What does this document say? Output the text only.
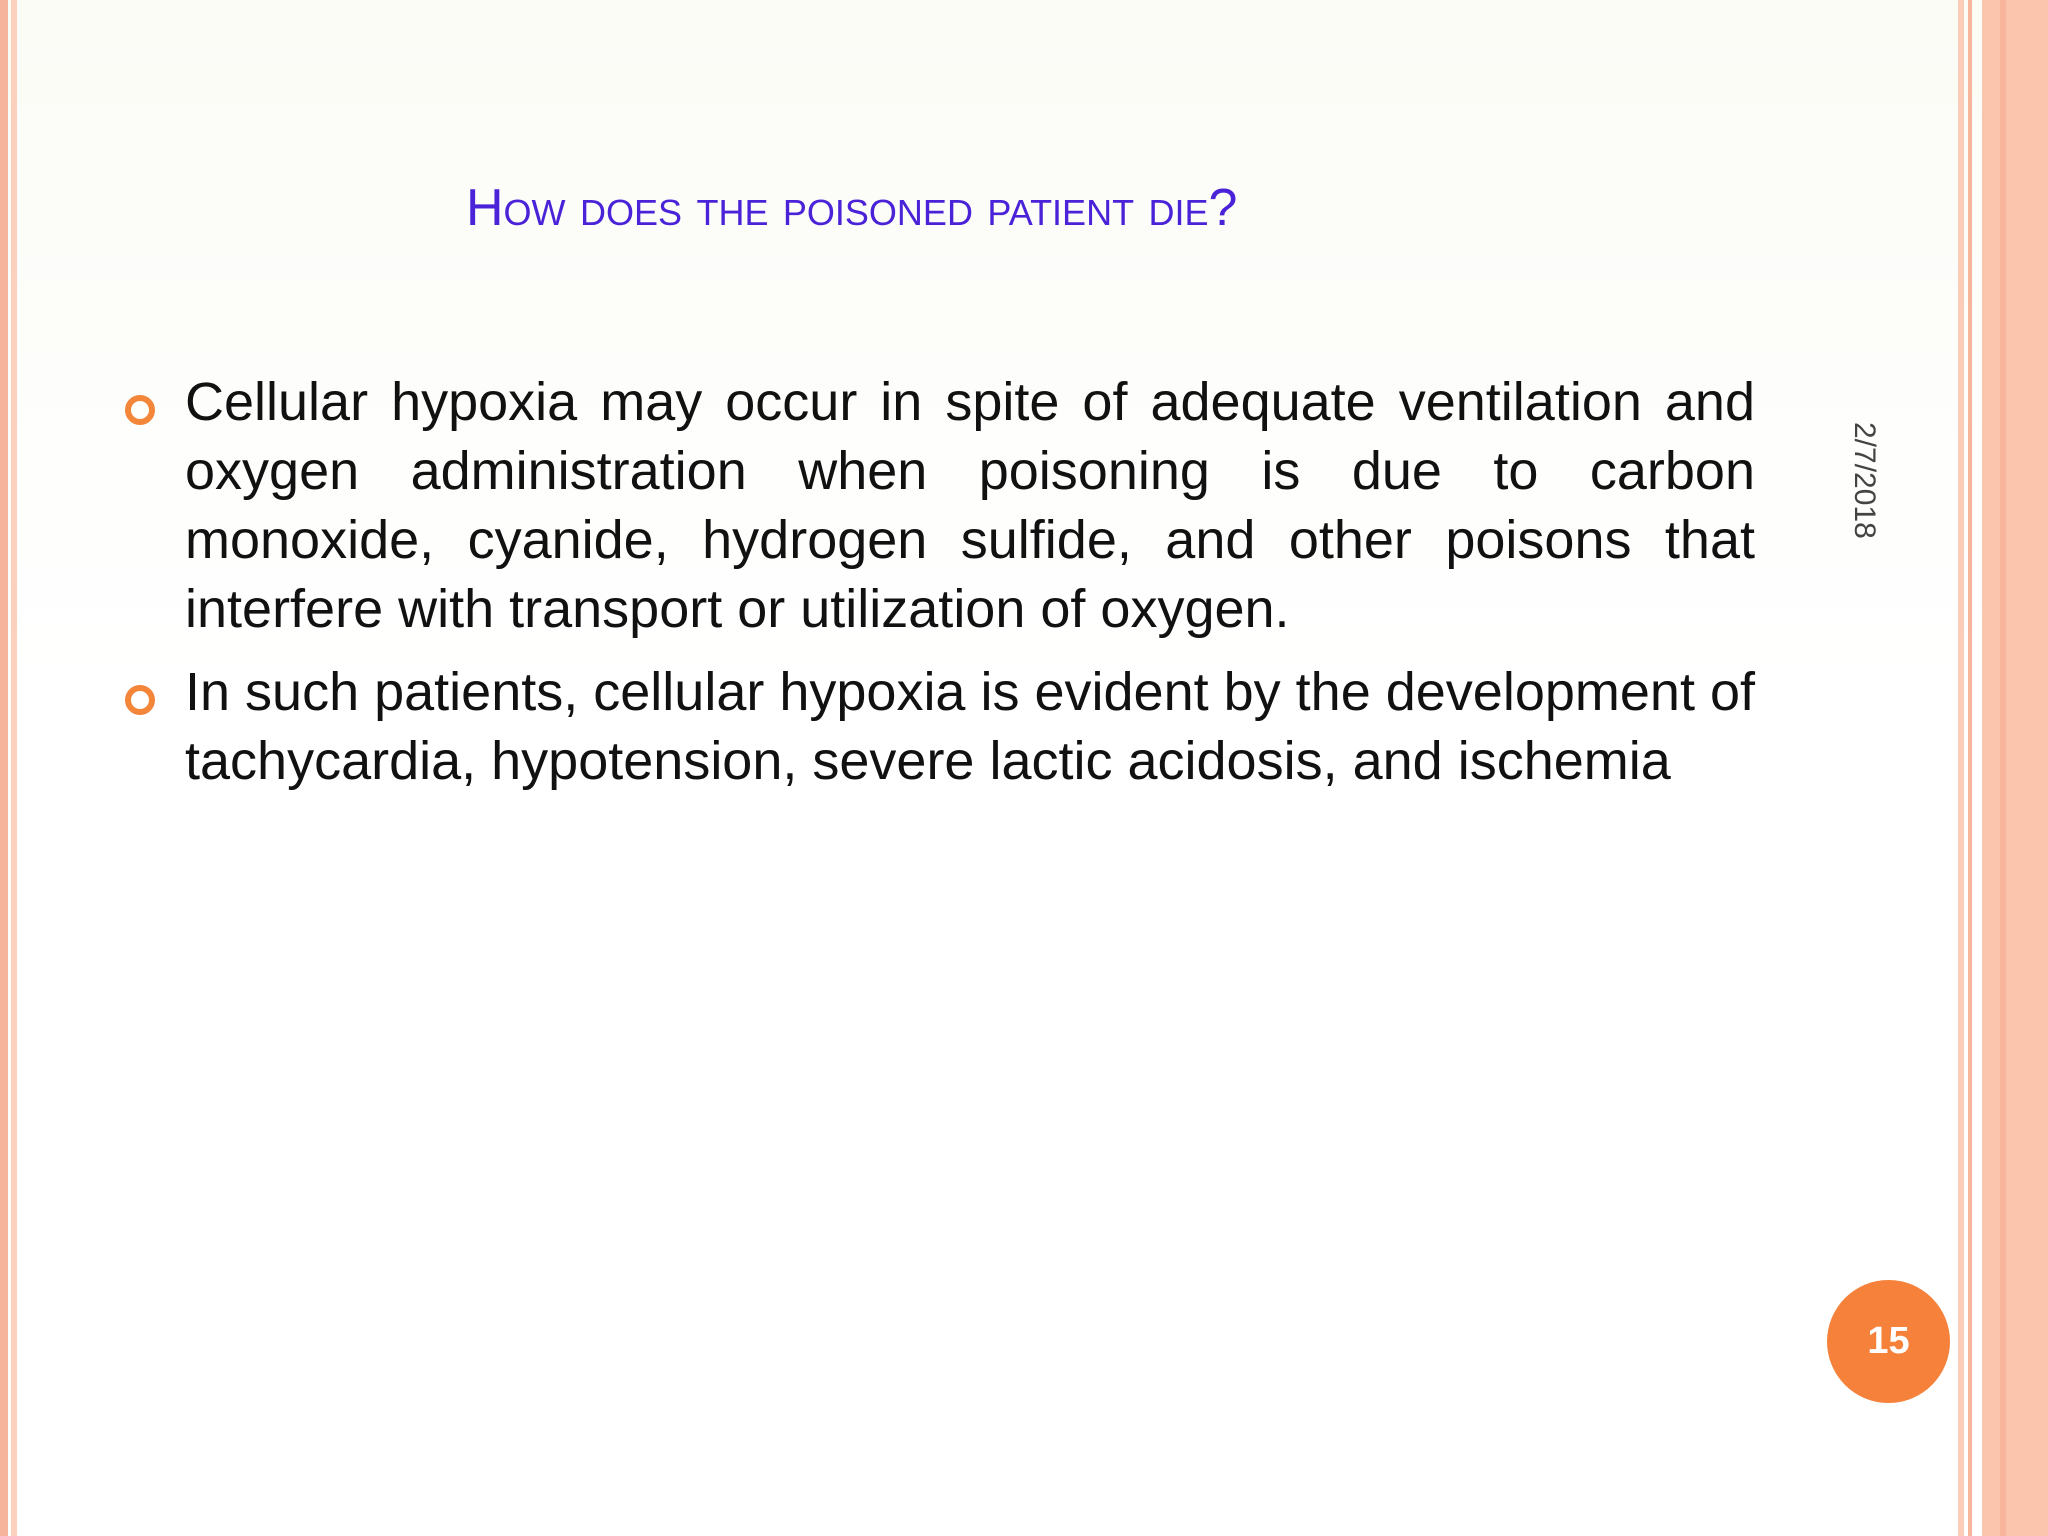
How does the poisoned patient die?
2/7/2018
Cellular hypoxia may occur in spite of adequate ventilation and oxygen administration when poisoning is due to carbon monoxide, cyanide, hydrogen sulfide, and other poisons that interfere with transport or utilization of oxygen.
In such patients, cellular hypoxia is evident by the development of tachycardia, hypotension, severe lactic acidosis, and ischemia
15
